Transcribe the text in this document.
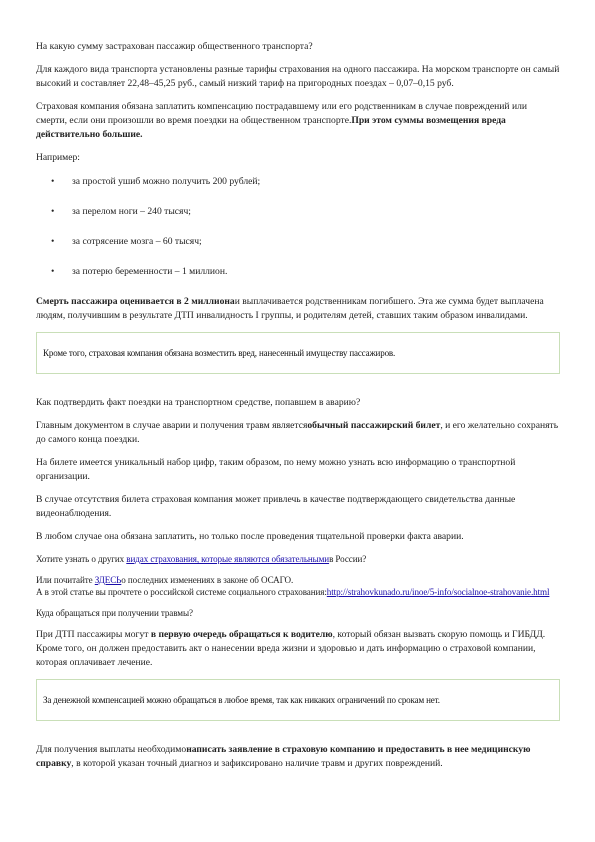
На какую сумму застрахован пассажир общественного транспорта?

Для каждого вида транспорта установлены разные тарифы страхования на одного пассажира. На морском транспорте он самый высокий и составляет 22,48–45,25 руб., самый низкий тариф на пригородных поездах – 0,07–0,15 руб.

Страховая компания обязана заплатить компенсацию пострадавшему или его родственникам в случае повреждений или смерти, если они произошли во время поездки на общественном транспорте.При этом суммы возмещения вреда действительно большие.

Например:

• за простой ушиб можно получить 200 рублей;
• за перелом ноги – 240 тысяч;
• за сотрясение мозга – 60 тысяч;
• за потерю беременности – 1 миллион.

Смерть пассажира оценивается в 2 миллионаи выплачивается родственникам погибшего. Эта же сумма будет выплачена людям, получившим в результате ДТП инвалидность I группы, и родителям детей, ставших таким образом инвалидами.

Кроме того, страховая компания обязана возместить вред, нанесенный имуществу пассажиров.

Как подтвердить факт поездки на транспортном средстве, попавшем в аварию?

Главным документом в случае аварии и получения травм являетсяобычный пассажирский билет, и его желательно сохранять до самого конца поездки.

На билете имеется уникальный набор цифр, таким образом, по нему можно узнать всю информацию о транспортной организации.

В случае отсутствия билета страховая компания может привлечь в качестве подтверждающего свидетельства данные видеонаблюдения.

В любом случае она обязана заплатить, но только после проведения тщательной проверки факта аварии.

Хотите узнать о других видах страхования, которые являются обязательнымив России?

Или почитайте ЗДЕСЬо последних изменениях в законе об ОСАГО.

А в этой статье вы прочтете о российской системе социального страхования:http://strahovkunado.ru/inoe/5-info/socialnoe-strahovanie.html

Куда обращаться при получении травмы?

При ДТП пассажиры могут в первую очередь обращаться к водителю, который обязан вызвать скорую помощь и ГИБДД. Кроме того, он должен предоставить акт о нанесении вреда жизни и здоровью и дать информацию о страховой компании, которая оплачивает лечение.

За денежной компенсацией можно обращаться в любое время, так как никаких ограничений по срокам нет.

Для получения выплаты необходимонаписать заявление в страховую компанию и предоставить в нее медицинскую справку, в которой указан точный диагноз и зафиксировано наличие травм и других повреждений.
